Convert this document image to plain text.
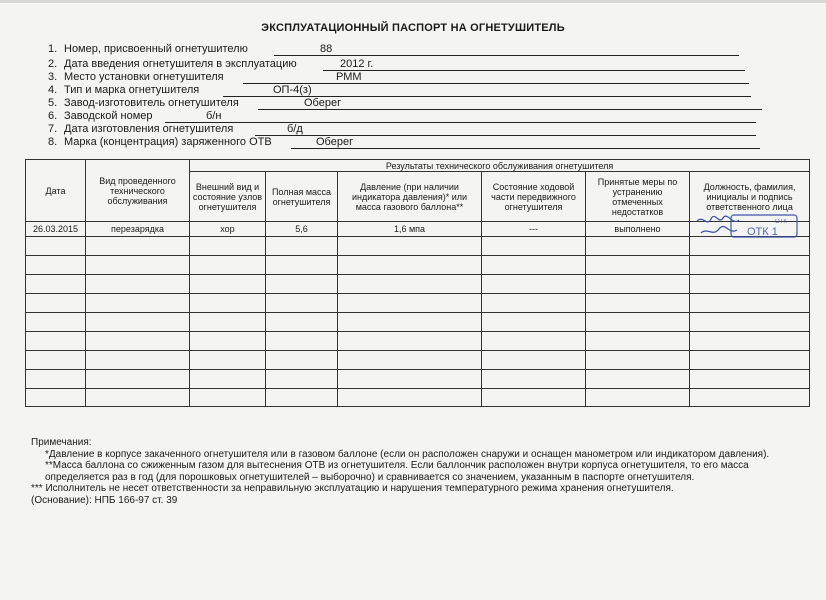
ЭКСПЛУАТАЦИОННЫЙ ПАСПОРТ НА ОГНЕТУШИТЕЛЬ
1. Номер, присвоенный огнетушителю	88
2. Дата введения огнетушителя в эксплуатацию	2012 г.
3. Место установки огнетушителя	РММ
4. Тип и марка огнетушителя	ОП-4(з)
5. Завод-изготовитель огнетушителя	Оберег
6. Заводской номер	б/н
7. Дата изготовления огнетушителя	б/д
8. Марка (концентрация) заряженного ОТВ	Оберег
Дата	Вид проведенного технического обслуживания	Результаты технического обслуживания огнетушителя					
		Внешний вид и состояние узлов огнетушителя	Полная масса огнетушителя	Давление (при наличии индикатора давления)* или масса газового баллона**	Состояние ходовой части передвижного огнетушителя	Принятые меры по устранению отмеченных недостатков	Должность, фамилия, инициалы и подпись ответственного лица
26.03.2015	перезарядка	хор	5,6	1,6 мпа	---	выполнено	

ОТК
ОТК 1
Примечания:
*Давление в корпусе закаченного огнетушителя или в газовом баллоне (если он расположен снаружи и оснащен манометром или индикатором давления).
**Масса баллона со сжиженным газом для вытеснения ОТВ из огнетушителя. Если баллончик расположен внутри корпуса огнетушителя, то его масса определяется раз в год (для порошковых огнетушителей – выборочно) и сравнивается со значением, указанным в паспорте огнетушителя.
*** Исполнитель не несет ответственности за неправильную эксплуатацию и нарушения температурного режима хранения огнетушителя.
(Основание): НПБ 166-97 ст. 39
